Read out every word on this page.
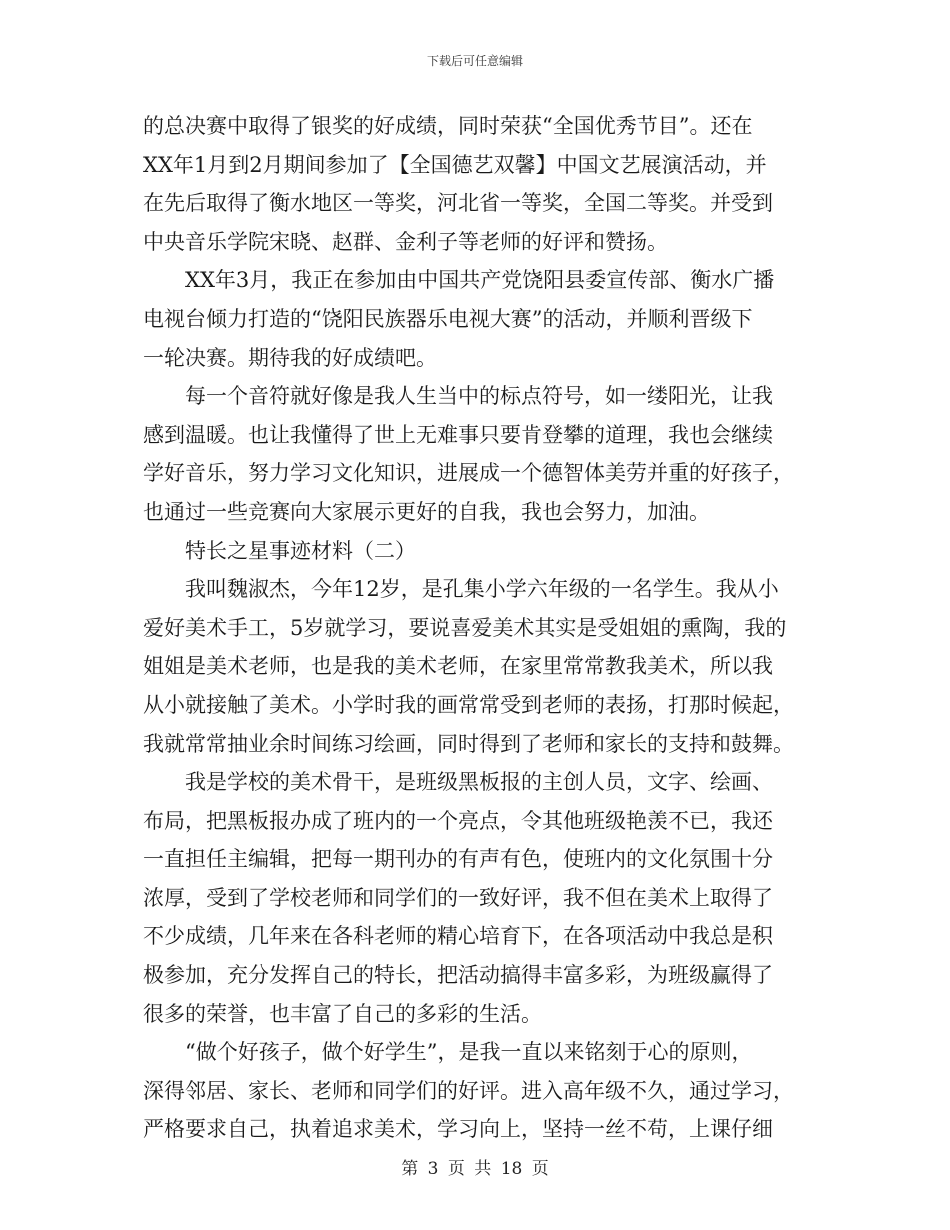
下载后可任意编辑
的总决赛中取得了银奖的好成绩，同时荣获“全国优秀节目”。还在
XX年1月到2月期间参加了【全国德艺双馨】中国文艺展演活动，并
在先后取得了衡水地区一等奖，河北省一等奖，全国二等奖。并受到
中央音乐学院宋晓、赵群、金利子等老师的好评和赞扬。
XX年3月，我正在参加由中国共产党饶阳县委宣传部、衡水广播
电视台倾力打造的“饶阳民族器乐电视大赛”的活动，并顺利晋级下
一轮决赛。期待我的好成绩吧。
每一个音符就好像是我人生当中的标点符号，如一缕阳光，让我
感到温暖。也让我懂得了世上无难事只要肯登攀的道理，我也会继续
学好音乐，努力学习文化知识，进展成一个德智体美劳并重的好孩子，
也通过一些竞赛向大家展示更好的自我，我也会努力，加油。
特长之星事迹材料（二）
我叫魏淑杰，今年12岁，是孔集小学六年级的一名学生。我从小
爱好美术手工，5岁就学习，要说喜爱美术其实是受姐姐的熏陶，我的
姐姐是美术老师，也是我的美术老师，在家里常常教我美术，所以我
从小就接触了美术。小学时我的画常常受到老师的表扬，打那时候起，
我就常常抽业余时间练习绘画，同时得到了老师和家长的支持和鼓舞。
我是学校的美术骨干，是班级黑板报的主创人员，文字、绘画、
布局，把黑板报办成了班内的一个亮点，令其他班级艳羡不已，我还
一直担任主编辑，把每一期刊办的有声有色，使班内的文化氛围十分
浓厚，受到了学校老师和同学们的一致好评，我不但在美术上取得了
不少成绩，几年来在各科老师的精心培育下，在各项活动中我总是积
极参加，充分发挥自己的特长，把活动搞得丰富多彩，为班级赢得了
很多的荣誉，也丰富了自己的多彩的生活。
“做个好孩子，做个好学生”，是我一直以来铭刻于心的原则，
深得邻居、家长、老师和同学们的好评。进入高年级不久，通过学习，
严格要求自己，执着追求美术，学习向上，坚持一丝不苟，上课仔细
第 3 页 共 18 页
